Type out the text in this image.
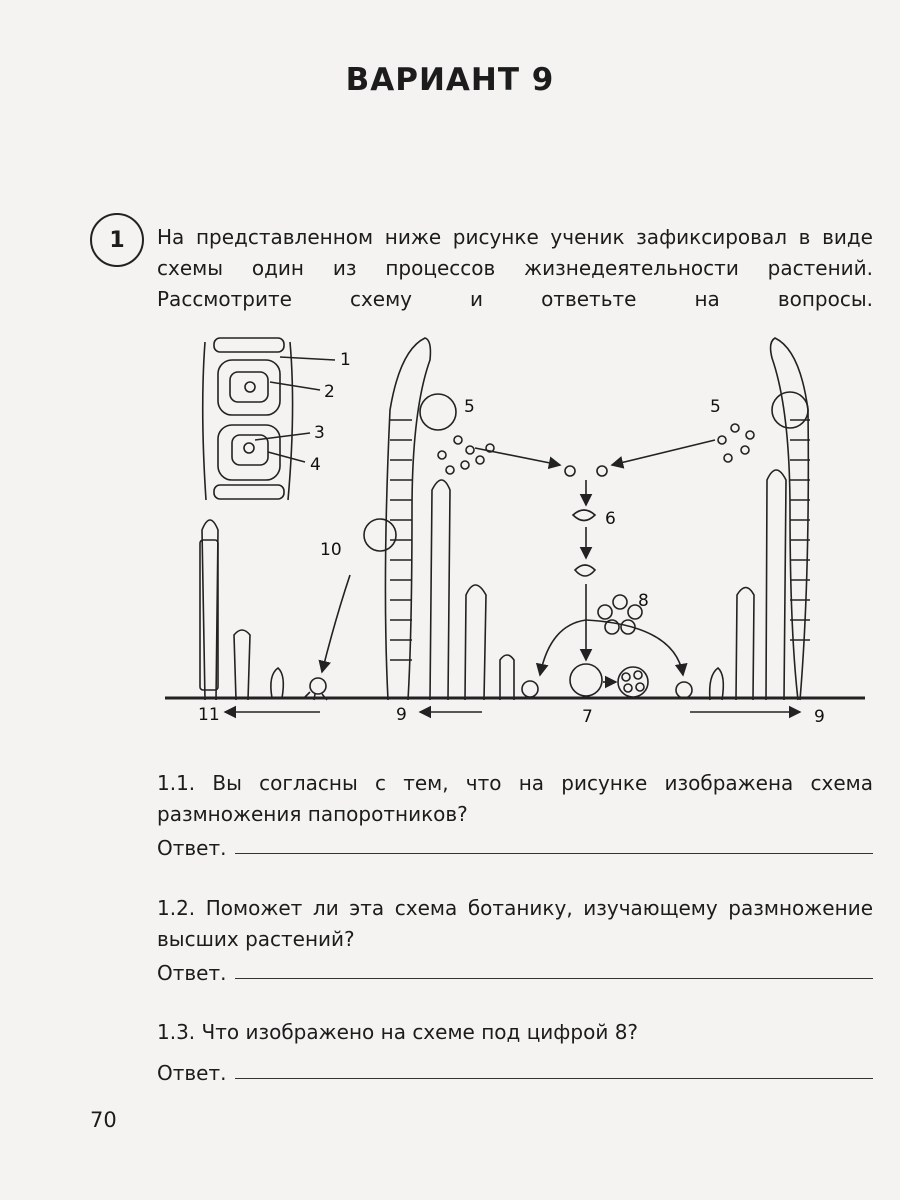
ВАРИАНТ 9
1	На представленном ниже рисунке ученик зафиксировал в виде схемы один из процессов жизнедеятельности растений. Рассмотрите схему и ответьте на вопросы.
1
2
3
4
5	5
6
8
10
11	9	7	9
1.1. Вы согласны с тем, что на рисунке изображена схема размножения папоротников?
Ответ.
1.2. Поможет ли эта схема ботанику, изучающему размножение высших растений?
Ответ.
1.3. Что изображено на схеме под цифрой 8?
Ответ.
70
